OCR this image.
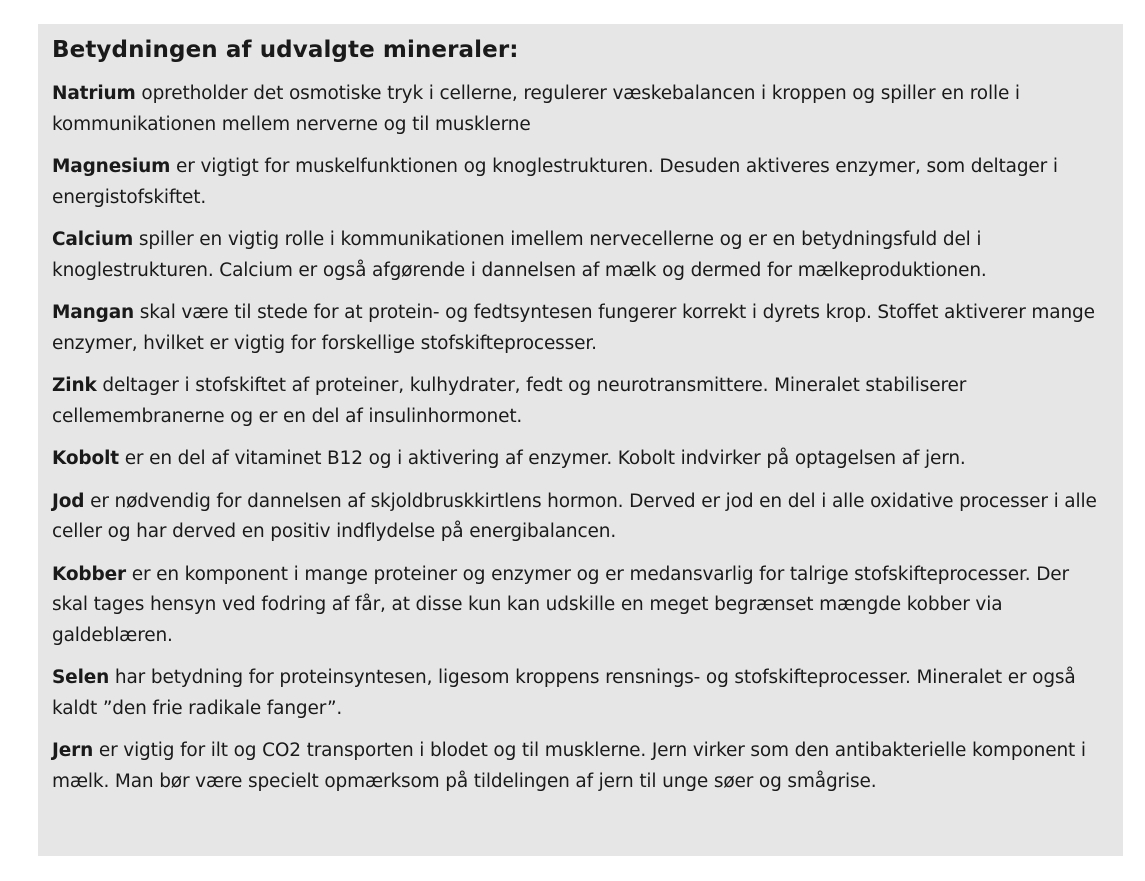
Betydningen af udvalgte mineraler:

Natrium opretholder det osmotiske tryk i cellerne, regulerer væskebalancen i kroppen og spiller en rolle i kommunikationen mellem nerverne og til musklerne

Magnesium er vigtigt for muskelfunktionen og knoglestrukturen. Desuden aktiveres enzymer, som deltager i energistofskiftet.

Calcium spiller en vigtig rolle i kommunikationen imellem nervecellerne og er en betydningsfuld del i knoglestrukturen. Calcium er også afgørende i dannelsen af mælk og dermed for mælkeproduktionen.

Mangan skal være til stede for at protein- og fedtsyntesen fungerer korrekt i dyrets krop. Stoffet aktiverer mange enzymer, hvilket er vigtig for forskellige stofskifteprocesser.

Zink deltager i stofskiftet af proteiner, kulhydrater, fedt og neurotransmittere. Mineralet stabiliserer cellemembranerne og er en del af insulinhormonet.

Kobolt er en del af vitaminet B12 og i aktivering af enzymer. Kobolt indvirker på optagelsen af jern.

Jod er nødvendig for dannelsen af skjoldbruskkirtlens hormon. Derved er jod en del i alle oxidative processer i alle celler og har derved en positiv indflydelse på energibalancen.

Kobber er en komponent i mange proteiner og enzymer og er medansvarlig for talrige stofskifteprocesser. Der skal tages hensyn ved fodring af får, at disse kun kan udskille en meget begrænset mængde kobber via galdeblæren.

Selen har betydning for proteinsyntesen, ligesom kroppens rensnings- og stofskifteprocesser. Mineralet er også kaldt ”den frie radikale fanger”.

Jern er vigtig for ilt og CO2 transporten i blodet og til musklerne. Jern virker som den antibakterielle komponent i mælk. Man bør være specielt opmærksom på tildelingen af jern til unge søer og smågrise.
